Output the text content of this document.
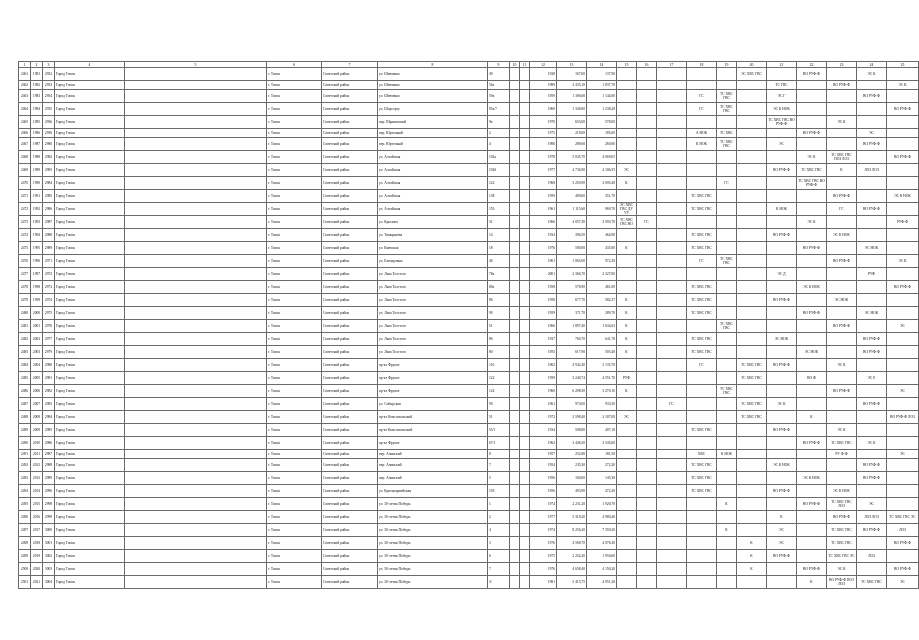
1	2	3	4	5	6	7	8	9	10	11	12	13	14	15	16	17	18	19	20	21	22	23	24	25
2461	1981	2932	Город Томск		г. Томск	Советский район	ул. Шевченко	49			1928	167,00	137,90						ЭС ХВС ГВС		ВО РУФ-Ф		ЭС К	
2462	1982	2933	Город Томск		г. Томск	Советский район	ул. Шевченко	56а			1989	2 435,10	1 837,70							ТС ГВС		ВО РУФ-Ф		ЭС К
2463	1983	2934	Город Томск		г. Томск	Советский район	ул. Шевченко	59а			1959	1 306,60	1 144,00				ГС	ТС ХВС ГВС		ЭС Г			ВО РУФ-Ф	
2464	1984	2935	Город Томск		г. Томск	Советский район	ул. Шорсорту	95а/7			1969	1 349,00	1 238,20				ГС	ТС ХВС ГВС		ЭС К НОК				ВО РУФ-Ф
2465	1985	2936	Город Томск		г. Томск	Советский район	пер. Шрамовский	9а			1970	653,00	578,00							ТС ХВС ГВС ВО РУФ-Ф		ЭС К		
2466	1986	2936	Город Томск		г. Томск	Советский район	пер. Юрточный	2			1975	218,00	185,00				А НОК	ТС ХВС			ВО РУФ-Ф		ЭС	
2467	1987	2980	Город Томск		г. Томск	Советский район	пер. Юрточный	4			1980	289,60	260,00				К НОК	ТС ХВС ГВС		ЭС			ВО РУФ-Ф	
2468	1988	2982	Город Томск		г. Томск	Советский район	ул. Алтайская	102а			1978	5 045,70	4 069,05								ЭС К	ТС ХВС ГВС ПОЗ ЛОЗ		ВО РУФ-Ф
2469	1989	2983	Город Томск		г. Томск	Советский район	ул. Алтайская	102б			1977	4 736,90	4 106,55	ЭС						ВО РУФ-Ф	ТС ХВС ГВС	К	ЛОЗ ЛОЗ	
2470	1990	2984	Город Томск		г. Томск	Советский район	ул. Алтайская	122			1968	3 250,90	2 695,40	К				ГС			ТС ХВС ГВС ВО РУФ-Ф			
2471	1991	2985	Город Томск		г. Томск	Советский район	ул. Алтайская	138			1959	409,00	351,70				ТС ХВС ГВС					ВО РУФ-Ф		ЭС К НОК
2472	1992	2986	Город Томск		г. Томск	Советский район	ул. Алтайская	153			1961	1 115,60	969,70	ЭС ХВС ГВС ДУ УУ			ТС ХВС ГВС			К НОК		ГС	ВО РУФ-Ф	
2473	1993	2987	Город Томск		г. Томск	Советский район	ул. Крылова	31			1966	4 057,30	3 593,70	ТС ХВС ГВС ВО	ГС						ЭС К			РУФ-Ф
2474	1994	2988	Город Томск		г. Томск	Советский район	ул. Тимирязева	14			1934	396,50	464,90				ТС ХВС ГВС			ВО РУФ-Ф		ЭС К НОК		
2475	1995	2989	Город Томск		г. Томск	Советский район	ул. Киевская	18			1976	500,00	435,00	К			ТС ХВС ГВС				ВО РУФ-Ф		ЭС НОК	
2476	1996	2971	Город Томск		г. Томск	Советский район	ул. Елизаровых	46			1961	1 065,00	972,20				ГС	ТС ХВС ГВС				ВО РУФ-Ф		ЭС К
2477	1997	2972	Город Томск		г. Томск	Советский район	ул. Льва Толстого	78а			2001	2 366,70	2 327,00							ЭС Д			РУФ	
2478	1998	2973	Город Томск		г. Томск	Советский район	ул. Льва Толстого	80а			1958	578,90	461,00				ТС ХВС ГВС				ЭС К НОК			ВО РУФ-Ф
2479	1999	2974	Город Томск		г. Томск	Советский район	ул. Льва Толстого	86			1958	677,70	582,37	К			ТС ХВС ГВС			ВО РУФ-Ф		ЭС НОК		
2480	2000	2975	Город Томск		г. Томск	Советский район	ул. Льва Толстого	90			1959	371,70	289,70	К			ТС ХВС ГВС				ВО РУФ-Ф		ЭС НОК	
2481	2001	2976	Город Томск		г. Томск	Советский район	ул. Льва Толстого	51			1966	1 897,40	1 634,63	К				ТС ХВС ГВС				ВО РУФ-Ф		ЭС
2482	2002	2977	Город Томск		г. Томск	Советский район	ул. Льва Толстого	86			1937	760,70	641,70	К			ТС ХВС ГВС			ЭС НОК			ВО РУФ-Ф	
2483	2003	2979	Город Томск		г. Томск	Советский район	ул. Льва Толстого	80			1955	617,90	505,40	К			ТС ХВС ГВС				ЭС НОК		ВО РУФ-Ф	
2484	2004	2980	Город Томск		г. Томск	Советский район	пр-кт Фрунзе	116			1962	4 942,40	3 135,70				ГС		ТС ХВС ГВС	ВО РУФ-Ф		ЭС К		
2485	2005	2981	Город Томск		г. Томск	Советский район	пр-кт Фрунзе	122			1959	3 240,74	4 551,70	РУФ					ТС ХВС ГВС		ВО Ф		ЭС Е	
2486	2006	2982	Город Томск		г. Томск	Советский район	пр-кт Фрунзе	124			1960	6 298,50	5 270,10	К				ТС ХВС ГВС				ВО РУФ-Ф		ЭС
2487	2007	2983	Город Томск		г. Томск	Советский район	ул. Сибирская	90			1961	974,00	933,50			ГС			ТС ХВС ГВС	ЭС К			ВО РУФ-Ф	
2488	2008	2984	Город Томск		г. Томск	Советский район	пр-кт Комсомольский	51			1972	2 598,40	2 107,00	ЭС					ТС ХВС ГВС		К			ВО РУФ-Ф ЛОЗ
2489	2009	2985	Город Томск		г. Томск	Советский район	пр-кт Комсомольский	55/1			1934	508,80	407,10				ТС ХВС ГВС			ВО РУФ-Ф		ЭС К		
2490	2010	2986	Город Томск		г. Томск	Советский район	пр-кт Фрунзе	67/1			1962	3 446,50	3 345,60								ВО РУФ-Ф	ТС ХВС ГВС	ЭС К	
2491	2011	2987	Город Томск		г. Томск	Советский район	пер. Ачинский	8			1957	252,80	181,50				ХВС	К НОК				РУ Ф-Ф		ЭС
2492	2012	2988	Город Томск		г. Томск	Советский район	пер. Ачинский	7			1954	235,30	272,20				ТС ХВС ГВС			ЭС К НОК			ВО РУФ-Ф	
2493	2013	2989	Город Томск		г. Томск	Советский район	пер. Ачинский	5			1956	160,00	145,30				ТС ХВС ГВС				ЭС К НОК		ВО РУФ-Ф	
2494	2014	2996	Город Томск		г. Томск	Советский район	ул. Красноармейская	103			1956	493,90	472,20				ТС ХВС ГВС			ВО РУФ-Ф		ЭС К НОК		
2495	2015	2998	Город Томск		г. Томск	Советский район	ул. 30-летия Победы	1			1974	2 231,20	1 920,70					К			ВО РУФ-Ф	ТС ХВС ГВС ЛОЗ	ЭС	
2496	2016	2999	Город Томск		г. Томск	Советский район	ул. 30-летия Победы	2			1977	5 318,20	4 980,40							К		ВО РУФ-Ф	ЛОЗ ЛОЗ	ТС ХВС ГВС ЭС
2497	2017	3000	Город Томск		г. Томск	Советский район	ул. 30-летия Победы	4			1974	8 256,20	7 359,20					К		ЭС		ТС ХВС ГВС	ВО РУФ-Ф	ЛОЗ
2498	2018	3001	Город Томск		г. Томск	Советский район	ул. 30-летия Победы	3			1976	4 568,70	4 076,30						К	ЭС		ТС ХВС ГВС		ВО РУФ-Ф
2499	2019	3002	Город Томск		г. Томск	Советский район	ул. 30-летия Победы	6			1975	2 254,20	1 950,60						К	ВО РУФ-Ф		ТС ХВС ГВС ЭС	ЛОЗ	
2500	2020	3003	Город Томск		г. Томск	Советский район	ул. 30-летия Победы	7			1976	4 658,40	4 150,20						К		ВО РУФ-Ф	ЭС К		ВО РУФ-Ф
2501	2021	3004	Город Томск		г. Томск	Советский район	ул. 30-летия Победы	3/			1981	5 415,75	4 951,20								К	ВО РУФ-Ф ПОЗ ЛОЗ	ТС ХВС ГВС	ЭС
